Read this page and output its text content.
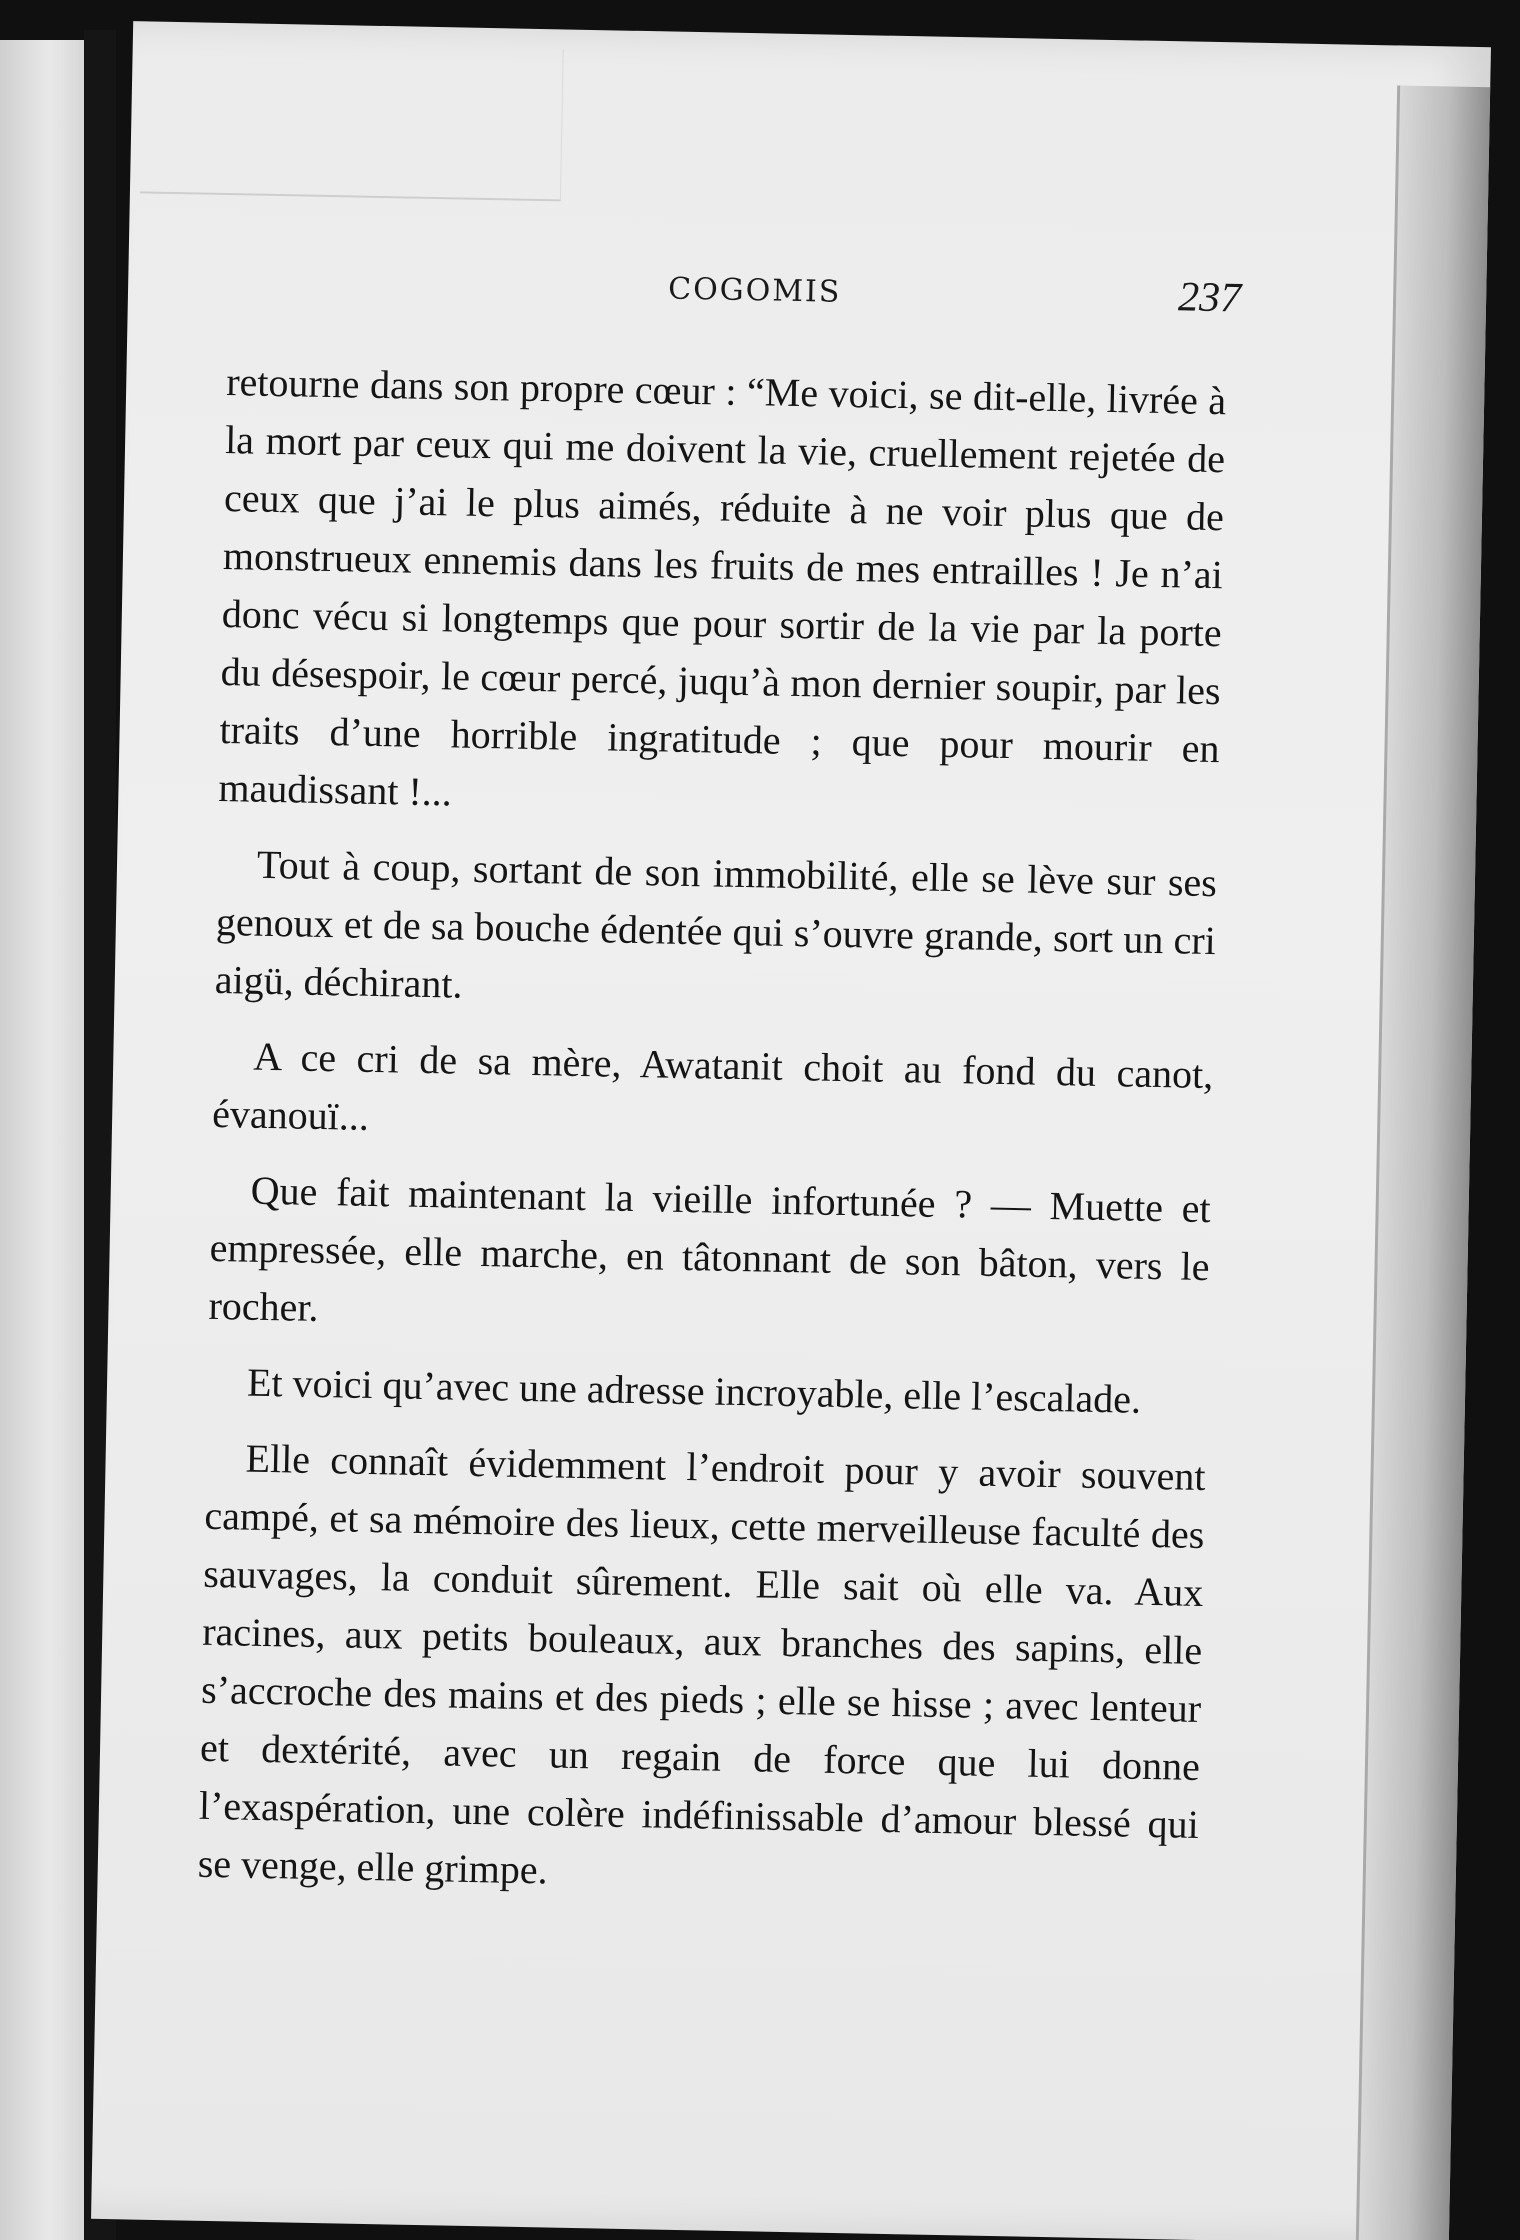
COGOMIS	237

retourne dans son propre cœur : “Me voici, se dit-elle, livrée à la mort par ceux qui me doivent la vie, cruellement rejetée de ceux que j’ai le plus aimés, réduite à ne voir plus que de monstrueux ennemis dans les fruits de mes entrailles ! Je n’ai donc vécu si longtemps que pour sortir de la vie par la porte du désespoir, le cœur percé, juqu’à mon dernier soupir, par les traits d’une horrible ingratitude ; que pour mourir en maudissant !...

Tout à coup, sortant de son immobilité, elle se lève sur ses genoux et de sa bouche édentée qui s’ouvre grande, sort un cri aigü, déchirant.

A ce cri de sa mère, Awatanit choit au fond du canot, évanouï...

Que fait maintenant la vieille infortunée ? — Muette et empressée, elle marche, en tâtonnant de son bâton, vers le rocher.

Et voici qu’avec une adresse incroyable, elle l’escalade.

Elle connaît évidemment l’endroit pour y avoir souvent campé, et sa mémoire des lieux, cette merveilleuse faculté des sauvages, la conduit sûrement. Elle sait où elle va. Aux racines, aux petits bouleaux, aux branches des sapins, elle s’accroche des mains et des pieds ; elle se hisse ; avec lenteur et dextérité, avec un regain de force que lui donne l’exaspération, une colère indéfinissable d’amour blessé qui se venge, elle grimpe.
